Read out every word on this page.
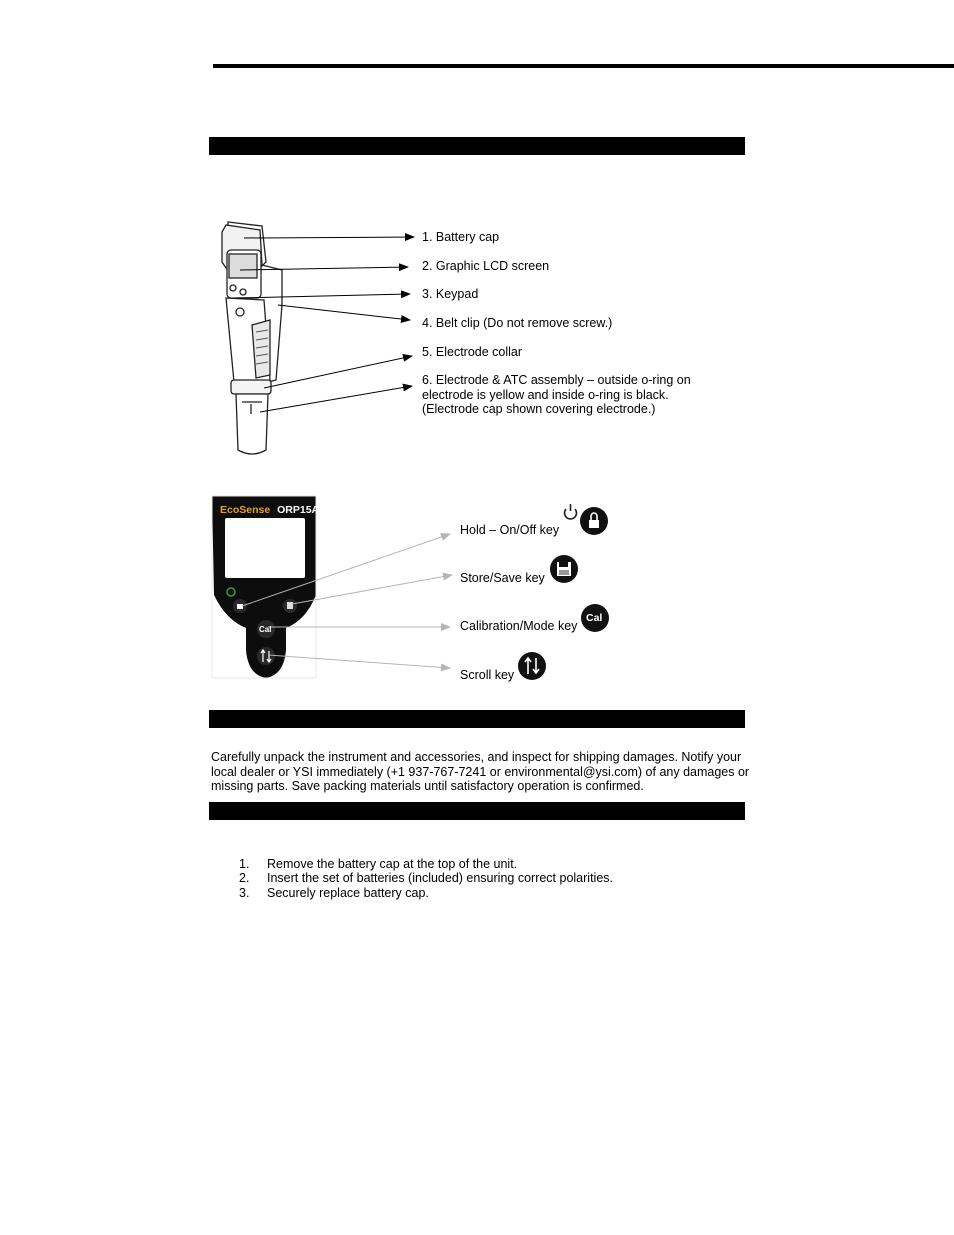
EcoSense ORP15A
Cal
1. Battery cap
2. Graphic LCD screen
3. Keypad
4. Belt clip (Do not remove screw.)
5. Electrode collar
6. Electrode & ATC assembly – outside o-ring on
electrode is yellow and inside o-ring is black.
(Electrode cap shown covering electrode.)
Hold – On/Off key
Cal
Store/Save key
Calibration/Mode key
Scroll key
Carefully unpack the instrument and accessories, and inspect for shipping damages. Notify your local dealer or YSI immediately (+1 937-767-7241 or environmental@ysi.com) of any damages or missing parts. Save packing materials until satisfactory operation is confirmed.
1. Remove the battery cap at the top of the unit.
2. Insert the set of batteries (included) ensuring correct polarities.
3. Securely replace battery cap.
